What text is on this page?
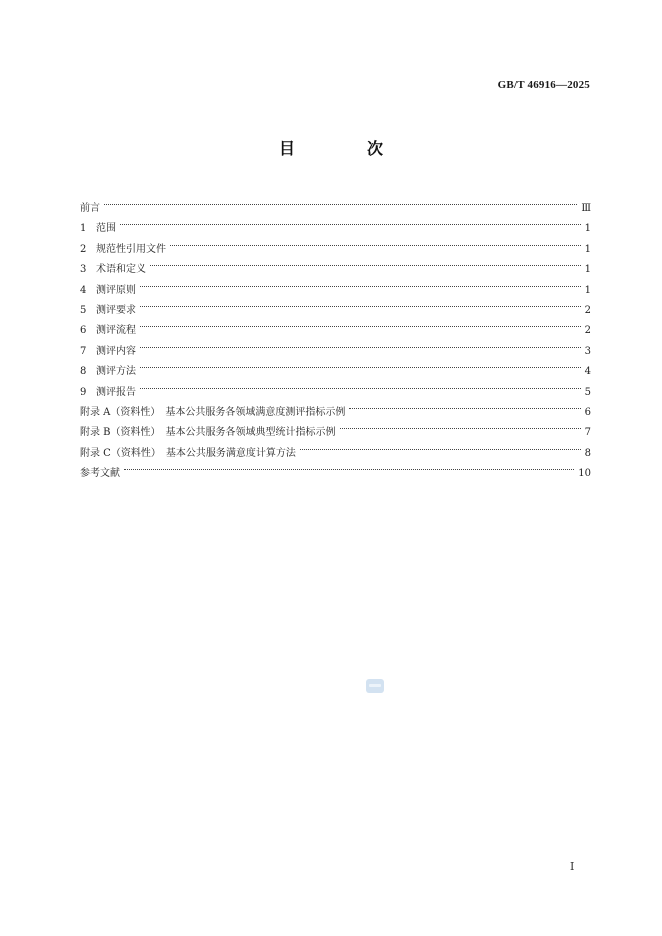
GB/T 46916—2025
目　次
前言	Ⅲ
1 范围	1
2 规范性引用文件	1
3 术语和定义	1
4 测评原则	1
5 测评要求	2
6 测评流程	2
7 测评内容	3
8 测评方法	4
9 测评报告	5
附录 A（资料性）　基本公共服务各领域满意度测评指标示例	6
附录 B（资料性）　基本公共服务各领域典型统计指标示例	7
附录 C（资料性）　基本公共服务满意度计算方法	8
参考文献	10
Ⅰ
